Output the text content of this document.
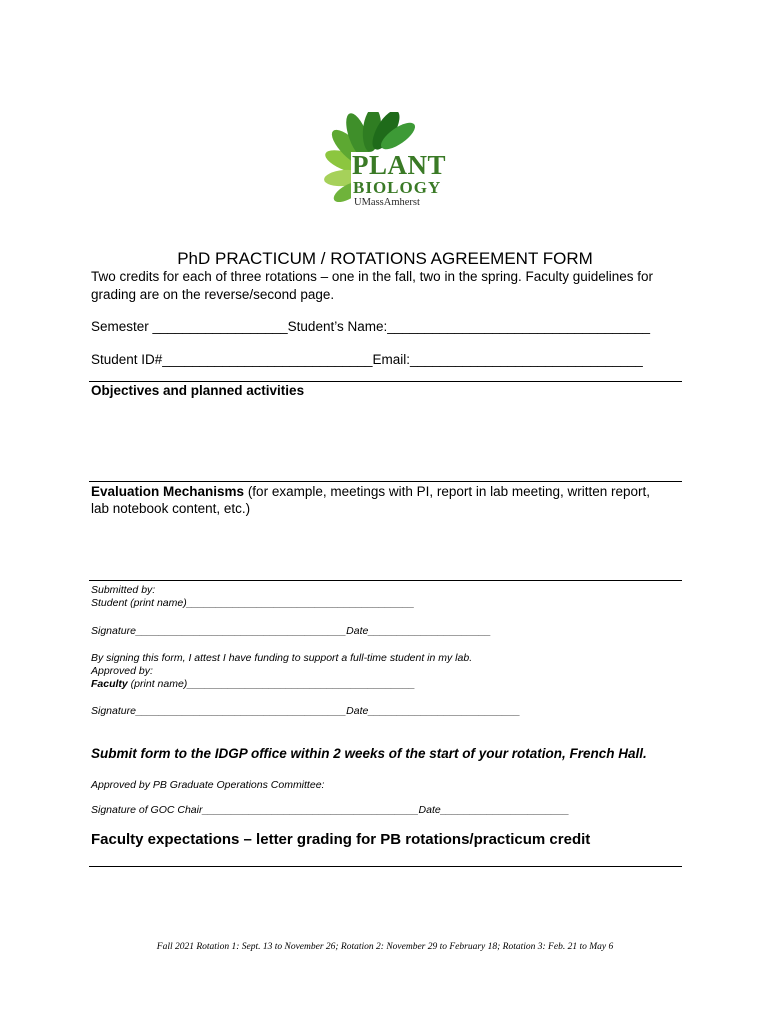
PLANT
BIOLOGY
UMassAmherst
PhD PRACTICUM / ROTATIONS AGREEMENT FORM
Two credits for each of three rotations – one in the fall, two in the spring. Faculty guidelines for grading are on the reverse/second page.
Semester __________________Student’s Name:___________________________________
Student ID#____________________________Email:_______________________________
Objectives and planned activities
Evaluation Mechanisms (for example, meetings with PI, report in lab meeting, written report,
lab notebook content, etc.)
Submitted by:
Student (print name)_______________________________________
Signature____________________________________Date_____________________
By signing this form, I attest I have funding to support a full-time student in my lab.
Approved by:
Faculty (print name)_______________________________________
Signature____________________________________Date__________________________
Submit form to the IDGP office within 2 weeks of the start of your rotation, French Hall.
Approved by PB Graduate Operations Committee:
Signature of GOC Chair_____________________________________Date______________________
Faculty expectations – letter grading for PB rotations/practicum credit
Fall 2021 Rotation 1: Sept. 13 to November 26; Rotation 2: November 29 to February 18; Rotation 3: Feb. 21 to May 6
